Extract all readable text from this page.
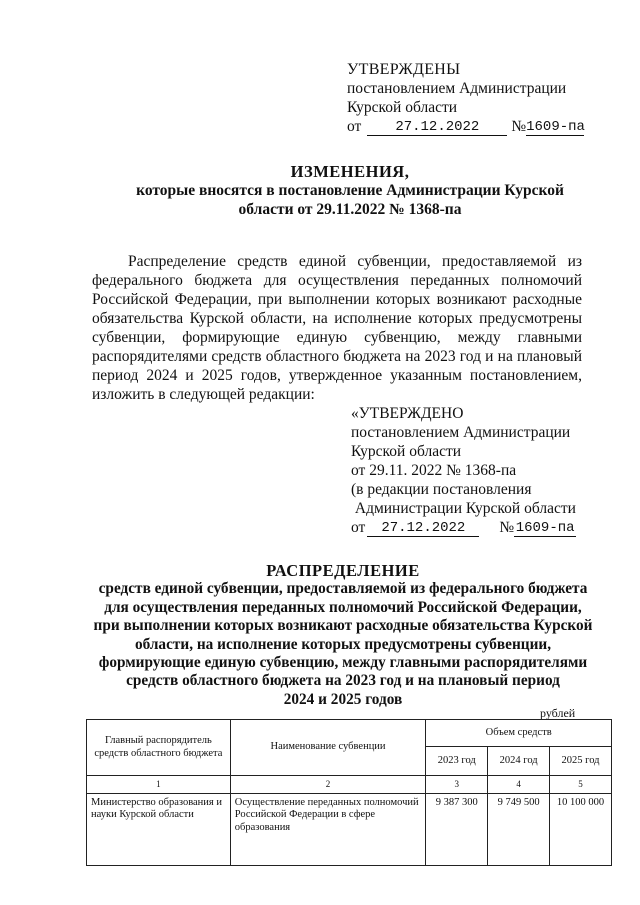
УТВЕРЖДЕНЫ
постановлением Администрации
Курской области
от	27.12.2022	№ 1609-па
ИЗМЕНЕНИЯ,
которые вносятся в постановление Администрации Курской
области от 29.11.2022 № 1368-па

Распределение средств единой субвенции, предоставляемой из федерального бюджета для осуществления переданных полномочий Российской Федерации, при выполнении которых возникают расходные обязательства Курской области, на исполнение которых предусмотрены субвенции, формирующие единую субвенцию, между главными распорядителями средств областного бюджета на 2023 год и на плановый период 2024 и 2025 годов, утвержденное указанным постановлением, изложить в следующей редакции:

«УТВЕРЖДЕНО
постановлением Администрации
Курской области
от 29.11. 2022 № 1368-па
(в редакции постановления
Администрации Курской области
от	27.12.2022	№ 1609-па
РАСПРЕДЕЛЕНИЕ
средств единой субвенции, предоставляемой из федерального бюджета
для осуществления переданных полномочий Российской Федерации,
при выполнении которых возникают расходные обязательства Курской
области, на исполнение которых предусмотрены субвенции,
формирующие единую субвенцию, между главными распорядителями
средств областного бюджета на 2023 год и на плановый период
2024 и 2025 годов
рублей
Главный распорядитель средств областного бюджета	Наименование субвенции	Объем средств		
		2023 год	2024 год	2025 год
1	2	3	4	5
Министерство образования и науки Курской области	Осуществление переданных полномочий Российской Федерации в сфере образования	9 387 300	9 749 500	10 100 000
